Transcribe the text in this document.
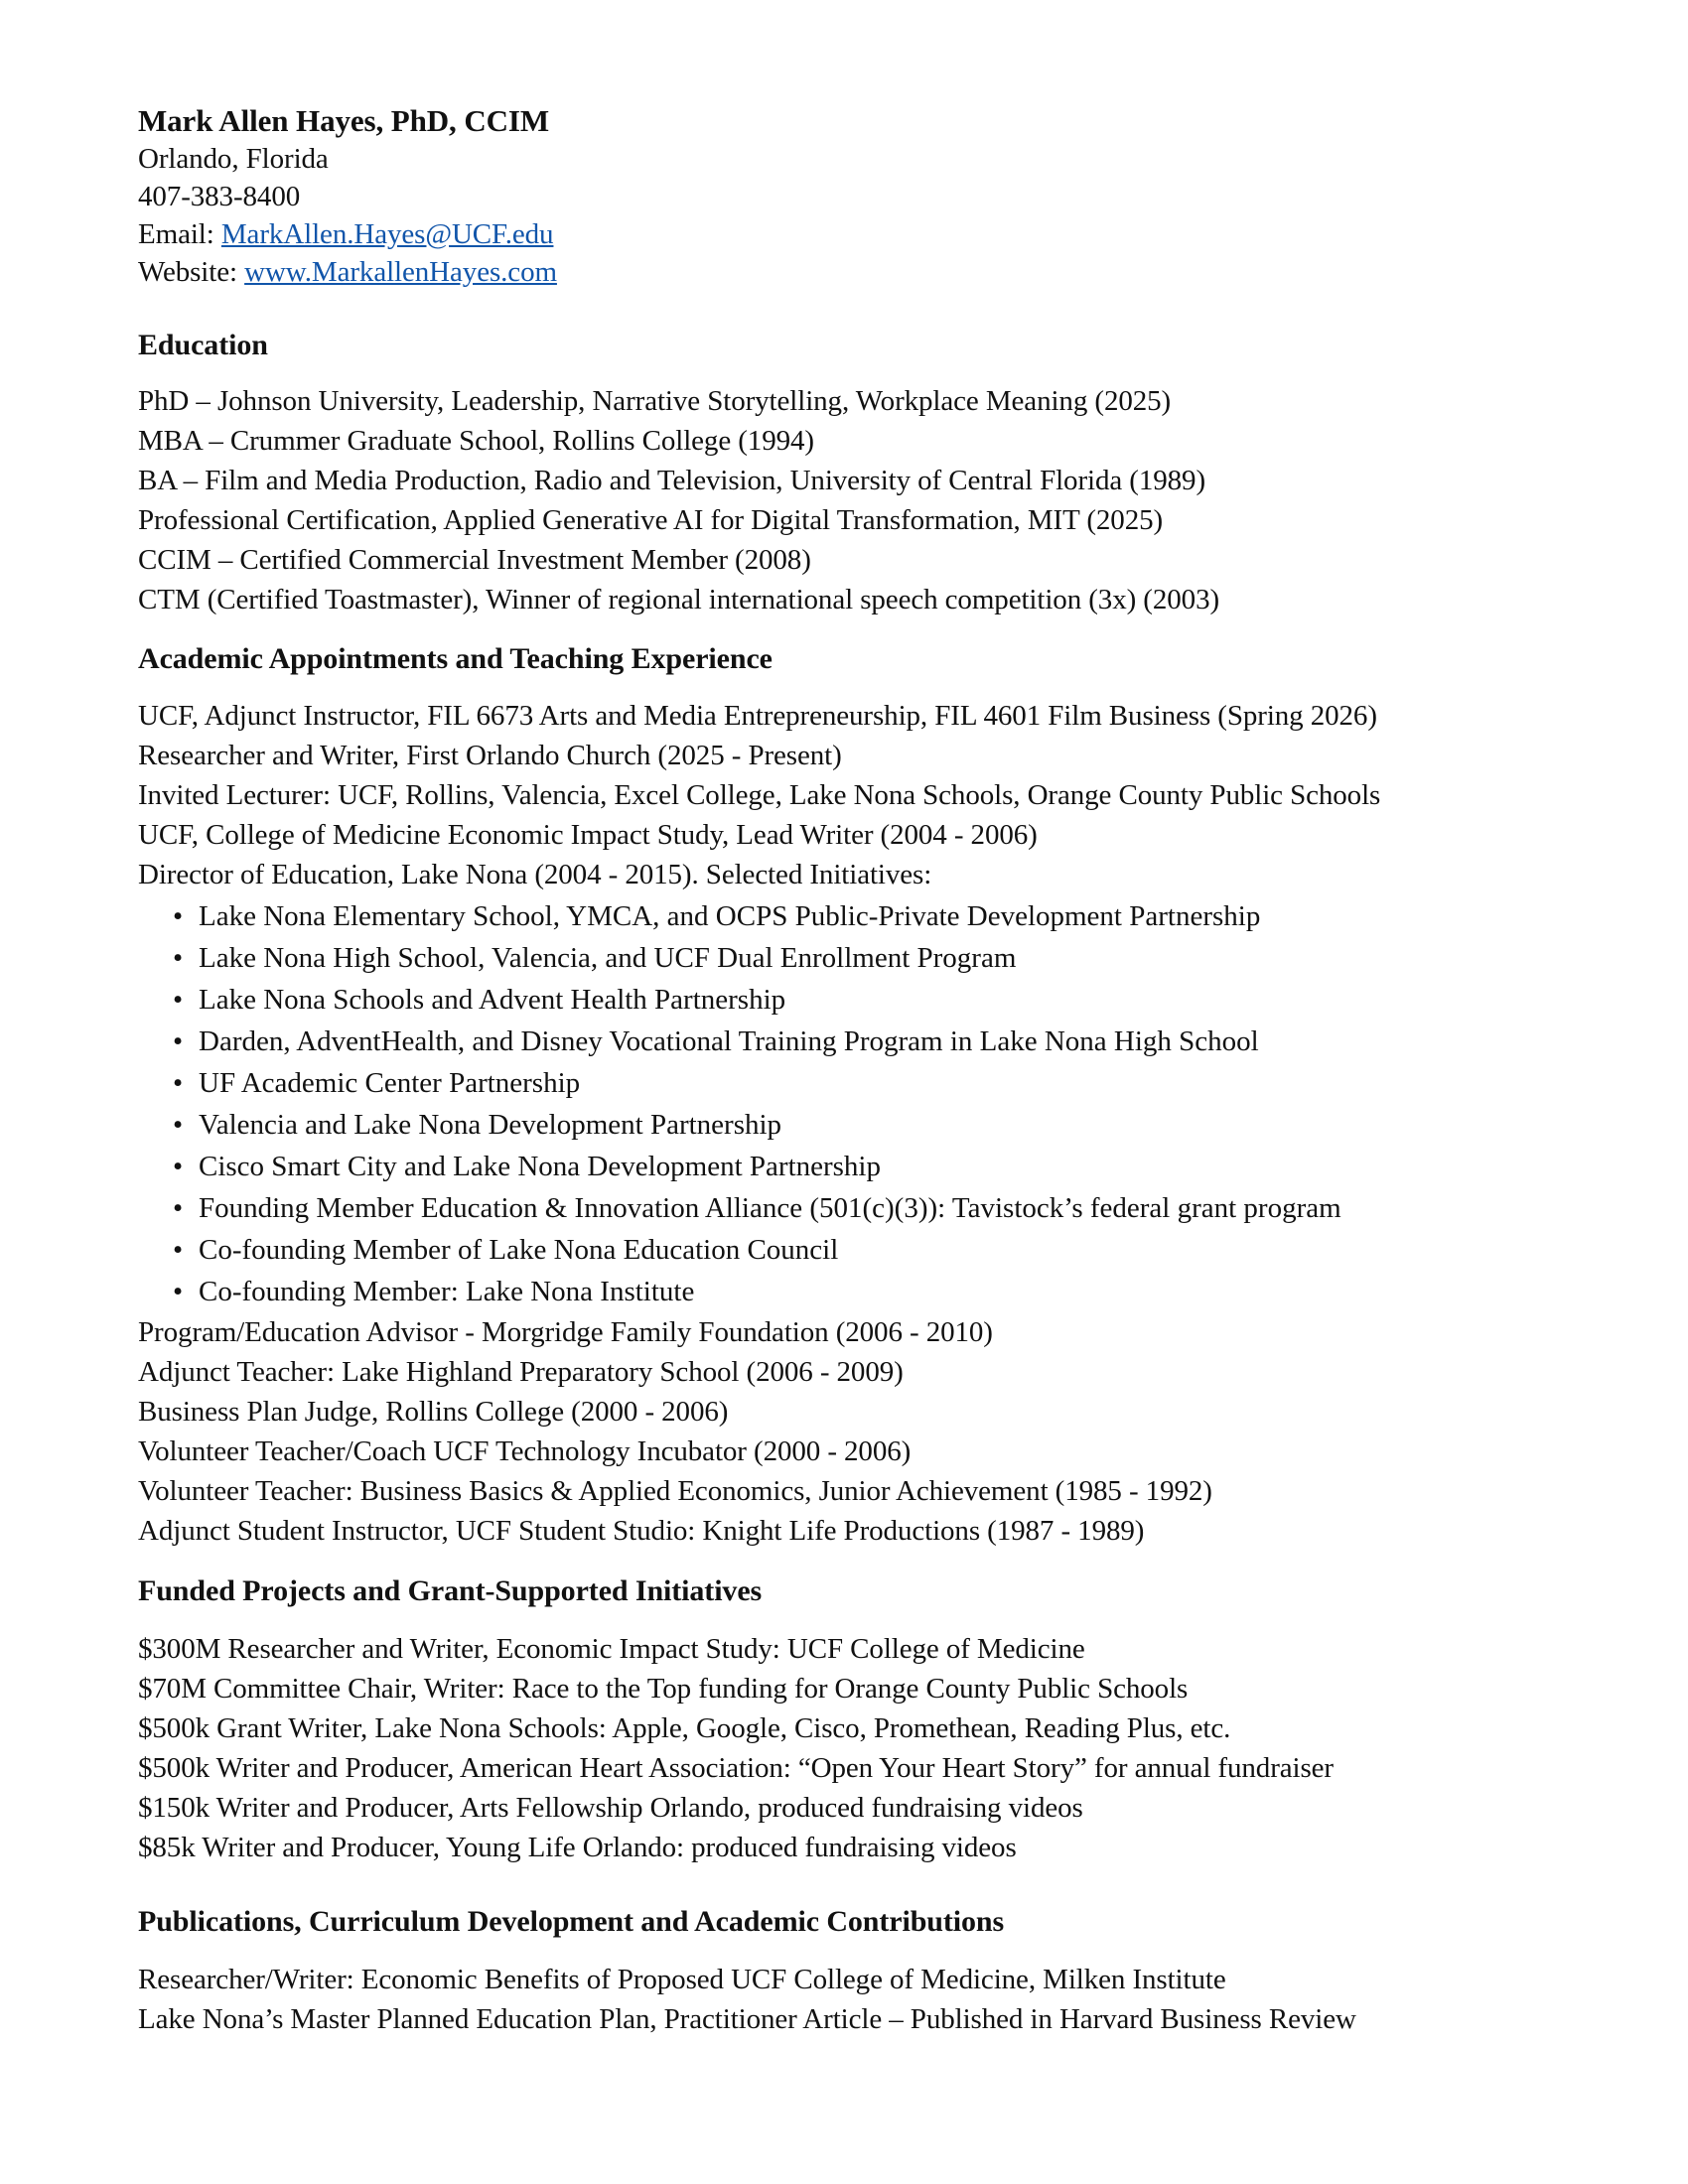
Mark Allen Hayes, PhD, CCIM

Orlando, Florida

407-383-8400

Email: MarkAllen.Hayes@UCF.edu

Website: www.MarkallenHayes.com

Education

PhD – Johnson University, Leadership, Narrative Storytelling, Workplace Meaning (2025)

MBA – Crummer Graduate School, Rollins College (1994)

BA – Film and Media Production, Radio and Television, University of Central Florida (1989)

Professional Certification, Applied Generative AI for Digital Transformation, MIT (2025)

CCIM – Certified Commercial Investment Member (2008)

CTM (Certified Toastmaster), Winner of regional international speech competition (3x) (2003)

Academic Appointments and Teaching Experience

UCF, Adjunct Instructor, FIL 6673 Arts and Media Entrepreneurship, FIL 4601 Film Business (Spring 2026)

Researcher and Writer, First Orlando Church (2025 - Present)

Invited Lecturer: UCF, Rollins, Valencia, Excel College, Lake Nona Schools, Orange County Public Schools

UCF, College of Medicine Economic Impact Study, Lead Writer (2004 - 2006)

Director of Education, Lake Nona (2004 - 2015). Selected Initiatives:

• Lake Nona Elementary School, YMCA, and OCPS Public-Private Development Partnership
• Lake Nona High School, Valencia, and UCF Dual Enrollment Program
• Lake Nona Schools and Advent Health Partnership
• Darden, AdventHealth, and Disney Vocational Training Program in Lake Nona High School
• UF Academic Center Partnership
• Valencia and Lake Nona Development Partnership
• Cisco Smart City and Lake Nona Development Partnership
• Founding Member Education & Innovation Alliance (501(c)(3)): Tavistock’s federal grant program
• Co-founding Member of Lake Nona Education Council
• Co-founding Member: Lake Nona Institute

Program/Education Advisor - Morgridge Family Foundation (2006 - 2010)

Adjunct Teacher: Lake Highland Preparatory School (2006 - 2009)

Business Plan Judge, Rollins College (2000 - 2006)

Volunteer Teacher/Coach UCF Technology Incubator (2000 - 2006)

Volunteer Teacher: Business Basics & Applied Economics, Junior Achievement (1985 - 1992)

Adjunct Student Instructor, UCF Student Studio: Knight Life Productions (1987 - 1989)

Funded Projects and Grant-Supported Initiatives

$300M Researcher and Writer, Economic Impact Study: UCF College of Medicine

$70M Committee Chair, Writer: Race to the Top funding for Orange County Public Schools

$500k Grant Writer, Lake Nona Schools: Apple, Google, Cisco, Promethean, Reading Plus, etc.

$500k Writer and Producer, American Heart Association: “Open Your Heart Story” for annual fundraiser

$150k Writer and Producer, Arts Fellowship Orlando, produced fundraising videos

$85k Writer and Producer, Young Life Orlando: produced fundraising videos

Publications, Curriculum Development and Academic Contributions

Researcher/Writer: Economic Benefits of Proposed UCF College of Medicine, Milken Institute

Lake Nona’s Master Planned Education Plan, Practitioner Article – Published in Harvard Business Review
